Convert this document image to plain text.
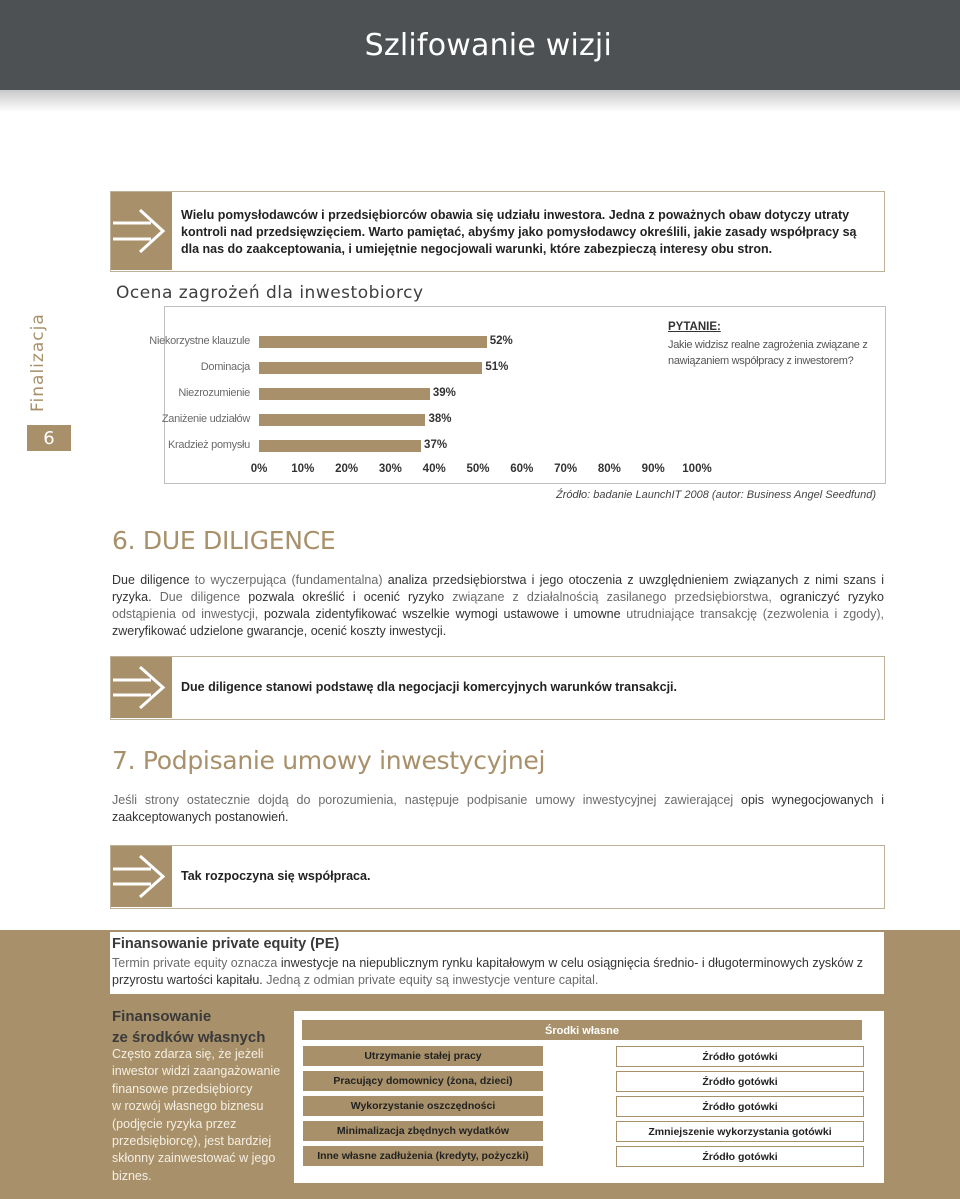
Szlifowanie wizji
Finalizacja
6
Wielu pomysłodawców i przedsiębiorców obawia się udziału inwestora. Jedna z poważnych obaw dotyczy utraty
kontroli nad przedsięwzięciem. Warto pamiętać, abyśmy jako pomysłodawcy określili, jakie zasady współpracy są
dla nas do zaakceptowania, i umiejętnie negocjowali warunki, które zabezpieczą interesy obu stron.
Ocena zagrożeń dla inwestobiorcy
Niekorzystne klauzule	52%
Dominacja	51%
Niezrozumienie	39%
Zaniżenie udziałów	38%
Kradzież pomysłu	37%
0% 10% 20% 30% 40% 50% 60% 70% 80% 90% 100%
PYTANIE:
Jakie widzisz realne zagrożenia związane z nawiązaniem współpracy z inwestorem?
Źródło: badanie LaunchIT 2008 (autor: Business Angel Seedfund)
6. DUE DILIGENCE
Due diligence to wyczerpująca (fundamentalna) analiza przedsiębiorstwa i jego otoczenia z uwzględnieniem związanych z nimi szans i ryzyka. Due diligence pozwala określić i ocenić ryzyko związane z działalnością zasilanego przedsiębiorstwa, ograniczyć ryzyko odstąpienia od inwestycji, pozwala zidentyfikować wszelkie wymogi ustawowe i umowne utrudniające transakcję (zezwolenia i zgody), zweryfikować udzielone gwarancje, ocenić koszty inwestycji.
Due diligence stanowi podstawę dla negocjacji komercyjnych warunków transakcji.
7. Podpisanie umowy inwestycyjnej
Jeśli strony ostatecznie dojdą do porozumienia, następuje podpisanie umowy inwestycyjnej zawierającej opis wynegocjowanych i zaakceptowanych postanowień.
Tak rozpoczyna się współpraca.
Finansowanie private equity (PE)
Termin private equity oznacza inwestycje na niepublicznym rynku kapitałowym w celu osiągnięcia średnio- i długoterminowych zysków z przyrostu wartości kapitału. Jedną z odmian private equity są inwestycje venture capital.
Finansowanie
ze środków własnych
Często zdarza się, że jeżeli
inwestor widzi zaangażowanie
finansowe przedsiębiorcy
w rozwój własnego biznesu
(podjęcie ryzyka przez
przedsiębiorcę), jest bardziej
skłonny zainwestować w jego
biznes.
Środki własne
Utrzymanie stałej pracy	Źródło gotówki
Pracujący domownicy (żona, dzieci)	Źródło gotówki
Wykorzystanie oszczędności	Źródło gotówki
Minimalizacja zbędnych wydatków	Zmniejszenie wykorzystania gotówki
Inne własne zadłużenia (kredyty, pożyczki)	Źródło gotówki
